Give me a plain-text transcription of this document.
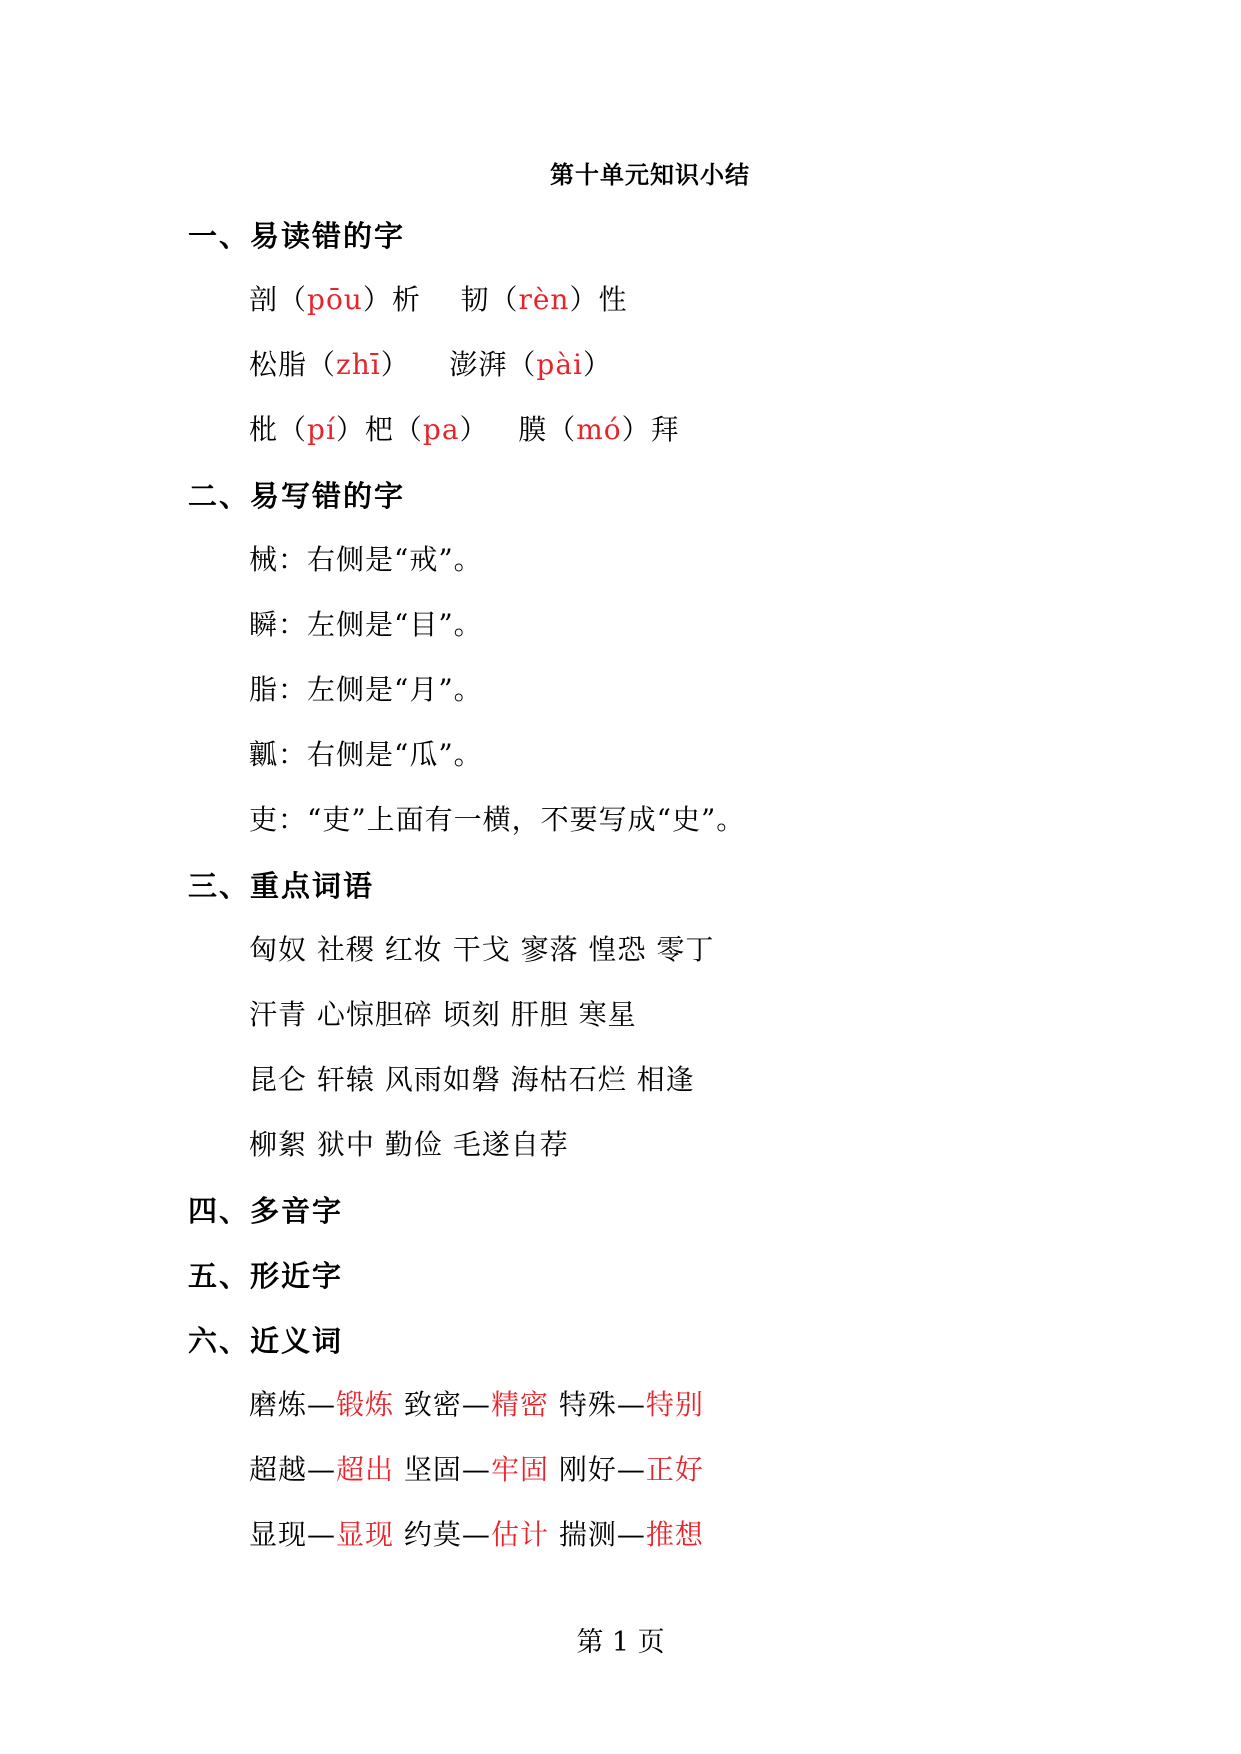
第十单元知识小结
一、易读错的字
剖（pōu）析    韧（rèn）性
松脂（zhī）    澎湃（pài）
枇（pí）杷（pa）   膜（mó）拜
二、易写错的字
械：右侧是“戒”。
瞬：左侧是“目”。
脂：左侧是“月”。
瓤：右侧是“瓜”。
吏：“吏”上面有一横，不要写成“史”。
三、重点词语
匈奴 社稷 红妆 干戈 寥落 惶恐 零丁
汗青 心惊胆碎 顷刻 肝胆 寒星
昆仑 轩辕 风雨如磐 海枯石烂 相逢
柳絮 狱中 勤俭 毛遂自荐
四、多音字
五、形近字
六、近义词
磨炼—锻炼 致密—精密 特殊—特别
超越—超出 坚固—牢固 刚好—正好
显现—显现 约莫—估计 揣测—推想
第 1 页
